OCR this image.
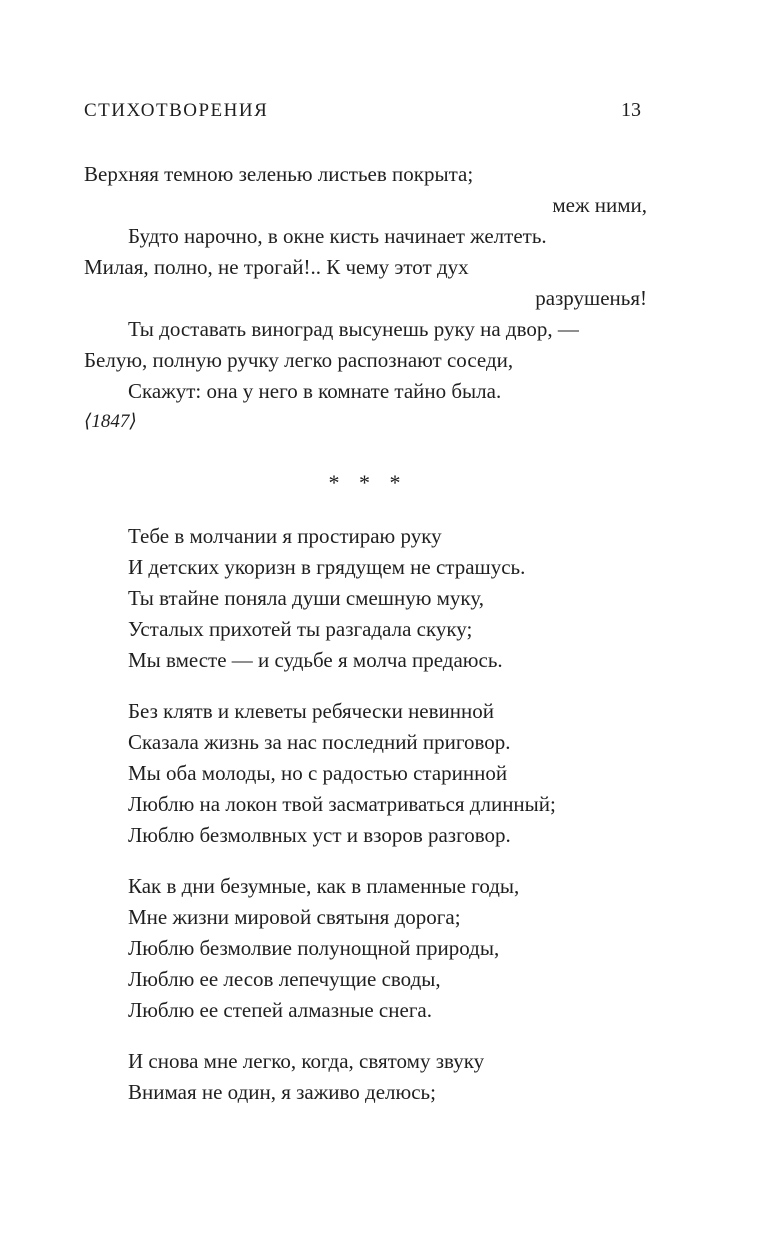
СТИХОТВОРЕНИЯ	13
Верхняя темною зеленью листьев покрыта;
меж ними,
Будто нарочно, в окне кисть начинает желтеть.
Милая, полно, не трогай!.. К чему этот дух
разрушенья!
Ты доставать виноград высунешь руку на двор, —
Белую, полную ручку легко распознают соседи,
Скажут: она у него в комнате тайно была.
⟨1847⟩
* * *
Тебе в молчании я простираю руку
И детских укоризн в грядущем не страшусь.
Ты втайне поняла души смешную муку,
Усталых прихотей ты разгадала скуку;
Мы вместе — и судьбе я молча предаюсь.
Без клятв и клеветы ребячески невинной
Сказала жизнь за нас последний приговор.
Мы оба молоды, но с радостью старинной
Люблю на локон твой засматриваться длинный;
Люблю безмолвных уст и взоров разговор.
Как в дни безумные, как в пламенные годы,
Мне жизни мировой святыня дорога;
Люблю безмолвие полунощной природы,
Люблю ее лесов лепечущие своды,
Люблю ее степей алмазные снега.
И снова мне легко, когда, святому звуку
Внимая не один, я заживо делюсь;
